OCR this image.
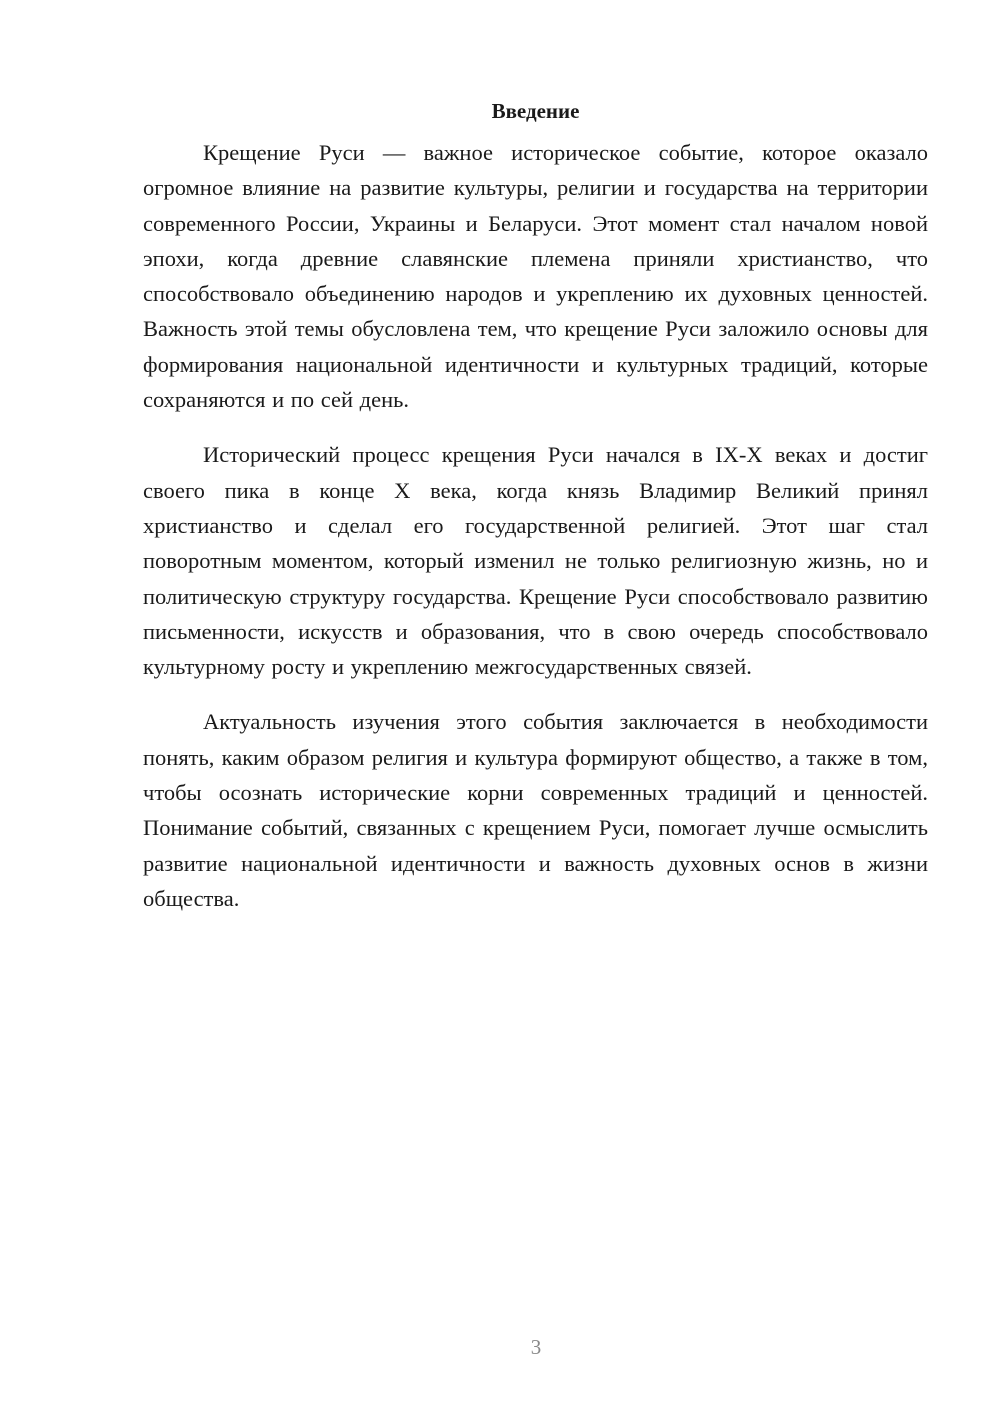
Введение

Крещение Руси — важное историческое событие, которое оказало огромное влияние на развитие культуры, религии и государства на территории современного России, Украины и Беларуси. Этот момент стал началом новой эпохи, когда древние славянские племена приняли христианство, что способствовало объединению народов и укреплению их духовных ценностей. Важность этой темы обусловлена тем, что крещение Руси заложило основы для формирования национальной идентичности и культурных традиций, которые сохраняются и по сей день.

Исторический процесс крещения Руси начался в IX-X веках и достиг своего пика в конце X века, когда князь Владимир Великий принял христианство и сделал его государственной религией. Этот шаг стал поворотным моментом, который изменил не только религиозную жизнь, но и политическую структуру государства. Крещение Руси способствовало развитию письменности, искусств и образования, что в свою очередь способствовало культурному росту и укреплению межгосударственных связей.

Актуальность изучения этого события заключается в необходимости понять, каким образом религия и культура формируют общество, а также в том, чтобы осознать исторические корни современных традиций и ценностей. Понимание событий, связанных с крещением Руси, помогает лучше осмыслить развитие национальной идентичности и важность духовных основ в жизни общества.

3
